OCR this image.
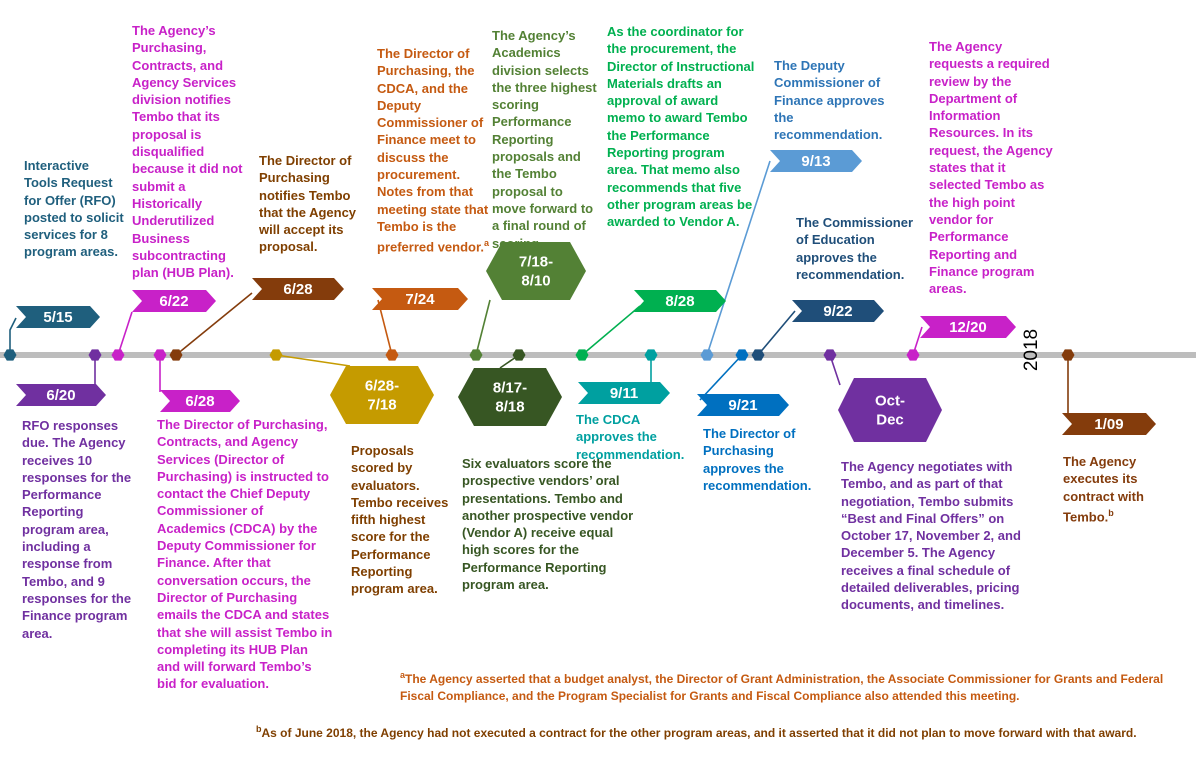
5/15
6/20
6/22
6/28
6/28
6/28-7/18
7/24
7/18-8/10
8/17-8/18
8/28
9/11
9/13
9/21
9/22
Oct-Dec
12/20
1/09
2018

Interactive Tools Request for Offer (RFO) posted to solicit services for 8 program areas.

RFO responses due. The Agency receives 10 responses for the Performance Reporting program area, including a response from Tembo, and 9 responses for the Finance program area.

The Agency’s Purchasing, Contracts, and Agency Services division notifies Tembo that its proposal is disqualified because it did not submit a Historically Underutilized Business subcontracting plan (HUB Plan).

The Director of Purchasing, Contracts, and Agency Services (Director of Purchasing) is instructed to contact the Chief Deputy Commissioner of Academics (CDCA) by the Deputy Commissioner for Finance. After that conversation occurs, the Director of Purchasing emails the CDCA and states that she will assist Tembo in completing its HUB Plan and will forward Tembo’s bid for evaluation.

The Director of Purchasing notifies Tembo that the Agency will accept its proposal.

Proposals scored by evaluators. Tembo receives fifth highest score for the Performance Reporting program area.

The Director of Purchasing, the CDCA, and the Deputy Commissioner of Finance meet to discuss the procurement. Notes from that meeting state that Tembo is the preferred vendor.$^a$

The Agency’s Academics division selects the three highest scoring Performance Reporting proposals and the Tembo proposal to move forward to a final round of scoring.

Six evaluators score the prospective vendors’ oral presentations. Tembo and another prospective vendor (Vendor A) receive equal high scores for the Performance Reporting program area.

As the coordinator for the procurement, the Director of Instructional Materials drafts an approval of award memo to award Tembo the Performance Reporting program area. That memo also recommends that five other program areas be awarded to Vendor A.

The CDCA approves the recommendation.

The Deputy Commissioner of Finance approves the recommendation.

The Director of Purchasing approves the recommendation.

The Commissioner of Education approves the recommendation.

The Agency negotiates with Tembo, and as part of that negotiation, Tembo submits “Best and Final Offers” on October 17, November 2, and December 5. The Agency receives a final schedule of detailed deliverables, pricing documents, and timelines.

The Agency requests a required review by the Department of Information Resources. In its request, the Agency states that it selected Tembo as the high point vendor for Performance Reporting and Finance program areas.

The Agency executes its contract with Tembo.$^b$

$^a$The Agency asserted that a budget analyst, the Director of Grant Administration, the Associate Commissioner for Grants and Federal Fiscal Compliance, and the Program Specialist for Grants and Fiscal Compliance also attended this meeting.

$^b$As of June 2018, the Agency had not executed a contract for the other program areas, and it asserted that it did not plan to move forward with that award.
